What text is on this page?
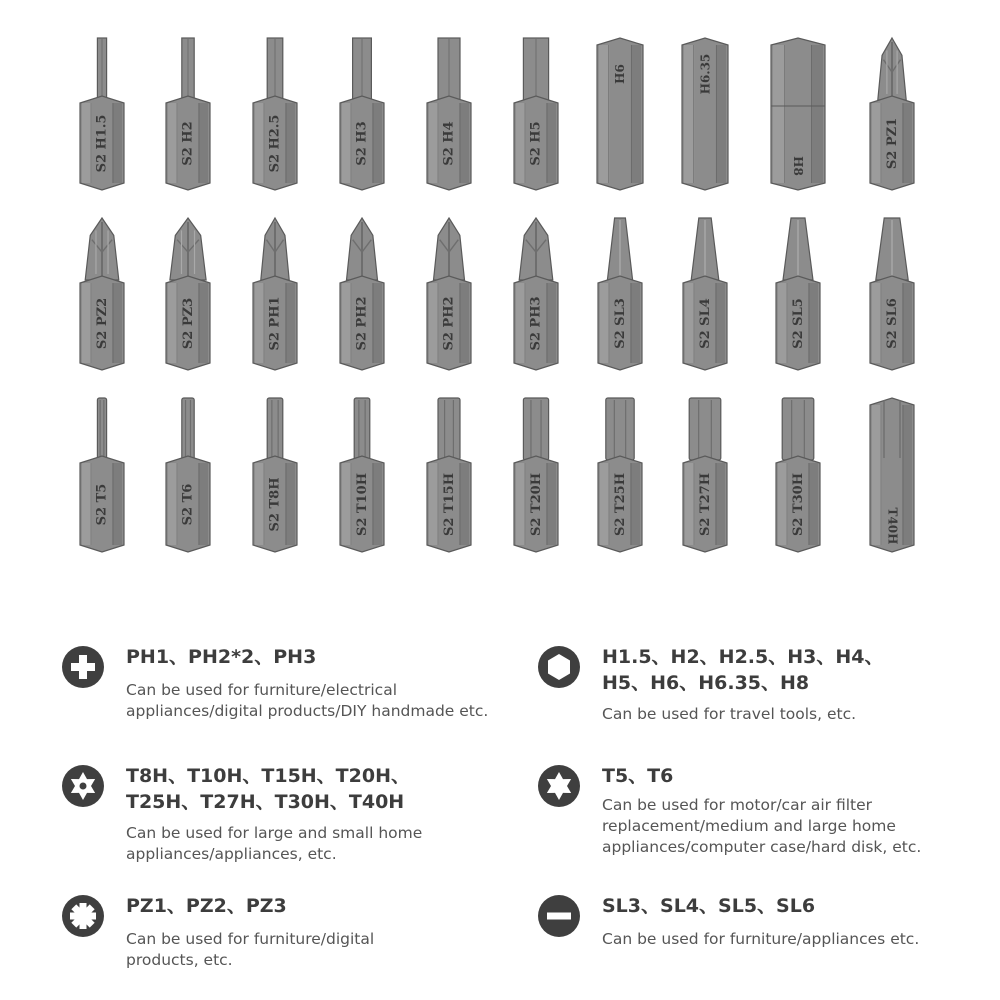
S2 H1.5	S2 H2	S2 H2.5	S2 H3	S2 H4	S2 H5
H6	H6.35
H8	S2 PZ1
S2 PZ2	S2 PZ3	S2 PH1	S2 PH2	S2 PH2	S2 PH3	S2 SL3	S2 SL4	S2 SL5	S2 SL6
S2 T5	S2 T6	S2 T8H	S2 T10H	S2 T15H	S2 T20H	S2 T25H	S2 T27H	S2 T30H	T40H
PH1、PH2*2、PH3
Can be used for furniture/electrical
appliances/digital products/DIY handmade etc.
H1.5、H2、H2.5、H3、H4、
H5、H6、H6.35、H8
Can be used for travel tools, etc.
T8H、T10H、T15H、T20H、
T25H、T27H、T30H、T40H
Can be used for large and small home
appliances/appliances, etc.
T5、T6
Can be used for motor/car air filter
replacement/medium and large home
appliances/computer case/hard disk, etc.
PZ1、PZ2、PZ3
Can be used for furniture/digital
products, etc.
SL3、SL4、SL5、SL6
Can be used for furniture/appliances etc.
